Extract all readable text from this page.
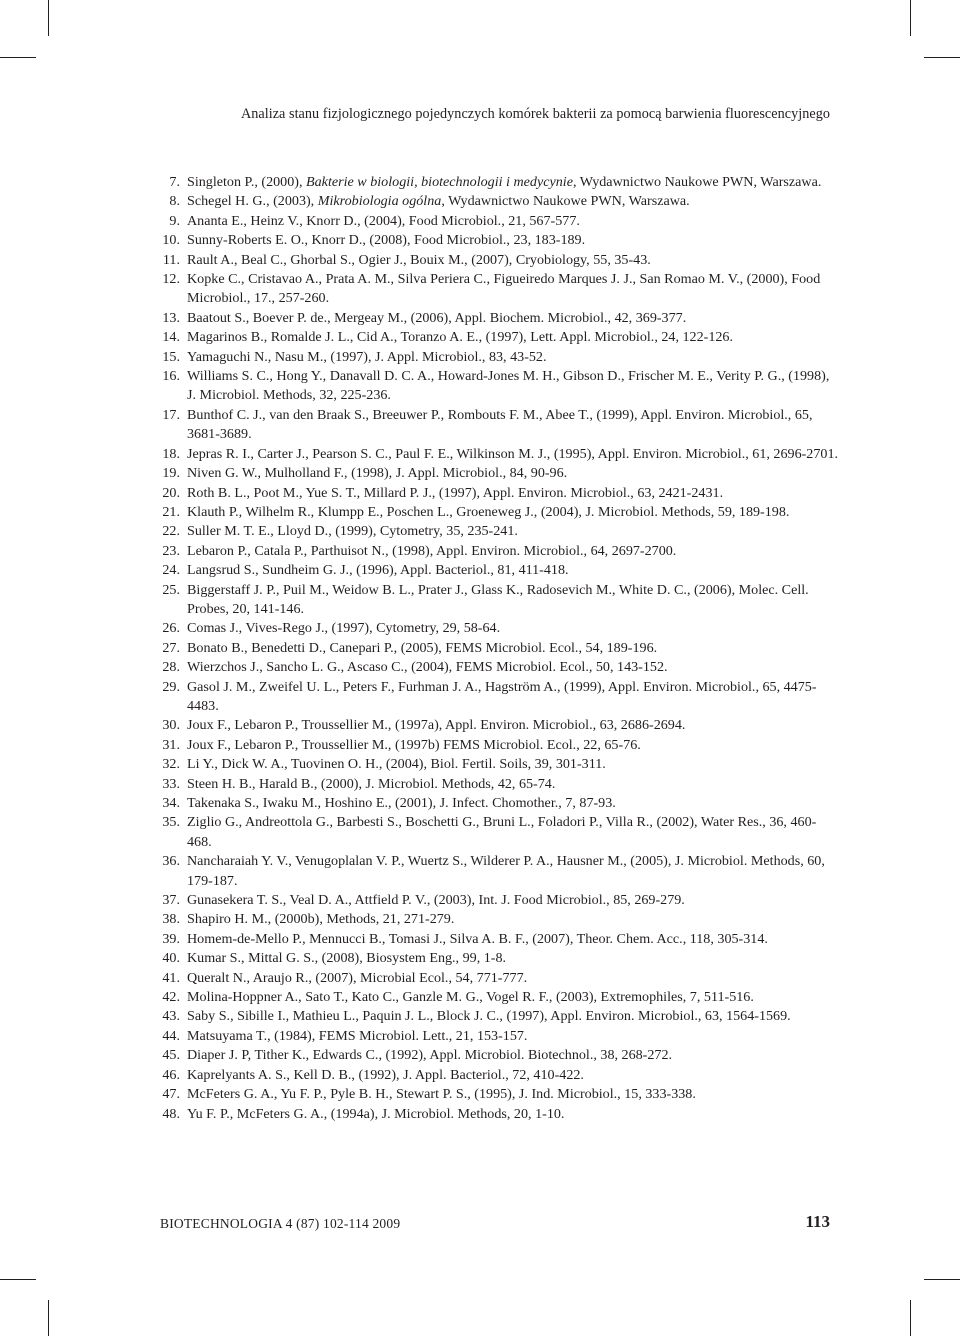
Analiza stanu fizjologicznego pojedynczych komórek bakterii za pomocą barwienia fluorescencyjnego
7. Singleton P., (2000), Bakterie w biologii, biotechnologii i medycynie, Wydawnictwo Naukowe PWN, Warszawa.
8. Schegel H. G., (2003), Mikrobiologia ogólna, Wydawnictwo Naukowe PWN, Warszawa.
9. Ananta E., Heinz V., Knorr D., (2004), Food Microbiol., 21, 567-577.
10. Sunny-Roberts E. O., Knorr D., (2008), Food Microbiol., 23, 183-189.
11. Rault A., Beal C., Ghorbal S., Ogier J., Bouix M., (2007), Cryobiology, 55, 35-43.
12. Kopke C., Cristavao A., Prata A. M., Silva Periera C., Figueiredo Marques J. J., San Romao M. V., (2000), Food Microbiol., 17., 257-260.
13. Baatout S., Boever P. de., Mergeay M., (2006), Appl. Biochem. Microbiol., 42, 369-377.
14. Magarinos B., Romalde J. L., Cid A., Toranzo A. E., (1997), Lett. Appl. Microbiol., 24, 122-126.
15. Yamaguchi N., Nasu M., (1997), J. Appl. Microbiol., 83, 43-52.
16. Williams S. C., Hong Y., Danavall D. C. A., Howard-Jones M. H., Gibson D., Frischer M. E., Verity P. G., (1998), J. Microbiol. Methods, 32, 225-236.
17. Bunthof C. J., van den Braak S., Breeuwer P., Rombouts F. M., Abee T., (1999), Appl. Environ. Microbiol., 65, 3681-3689.
18. Jepras R. I., Carter J., Pearson S. C., Paul F. E., Wilkinson M. J., (1995), Appl. Environ. Microbiol., 61, 2696-2701.
19. Niven G. W., Mulholland F., (1998), J. Appl. Microbiol., 84, 90-96.
20. Roth B. L., Poot M., Yue S. T., Millard P. J., (1997), Appl. Environ. Microbiol., 63, 2421-2431.
21. Klauth P., Wilhelm R., Klumpp E., Poschen L., Groeneweg J., (2004), J. Microbiol. Methods, 59, 189-198.
22. Suller M. T. E., Lloyd D., (1999), Cytometry, 35, 235-241.
23. Lebaron P., Catala P., Parthuisot N., (1998), Appl. Environ. Microbiol., 64, 2697-2700.
24. Langsrud S., Sundheim G. J., (1996), Appl. Bacteriol., 81, 411-418.
25. Biggerstaff J. P., Puil M., Weidow B. L., Prater J., Glass K., Radosevich M., White D. C., (2006), Molec. Cell. Probes, 20, 141-146.
26. Comas J., Vives-Rego J., (1997), Cytometry, 29, 58-64.
27. Bonato B., Benedetti D., Canepari P., (2005), FEMS Microbiol. Ecol., 54, 189-196.
28. Wierzchos J., Sancho L. G., Ascaso C., (2004), FEMS Microbiol. Ecol., 50, 143-152.
29. Gasol J. M., Zweifel U. L., Peters F., Furhman J. A., Hagström A., (1999), Appl. Environ. Microbiol., 65, 4475-4483.
30. Joux F., Lebaron P., Troussellier M., (1997a), Appl. Environ. Microbiol., 63, 2686-2694.
31. Joux F., Lebaron P., Troussellier M., (1997b) FEMS Microbiol. Ecol., 22, 65-76.
32. Li Y., Dick W. A., Tuovinen O. H., (2004), Biol. Fertil. Soils, 39, 301-311.
33. Steen H. B., Harald B., (2000), J. Microbiol. Methods, 42, 65-74.
34. Takenaka S., Iwaku M., Hoshino E., (2001), J. Infect. Chomother., 7, 87-93.
35. Ziglio G., Andreottola G., Barbesti S., Boschetti G., Bruni L., Foladori P., Villa R., (2002), Water Res., 36, 460-468.
36. Nancharaiah Y. V., Venugoplalan V. P., Wuertz S., Wilderer P. A., Hausner M., (2005), J. Microbiol. Methods, 60, 179-187.
37. Gunasekera T. S., Veal D. A., Attfield P. V., (2003), Int. J. Food Microbiol., 85, 269-279.
38. Shapiro H. M., (2000b), Methods, 21, 271-279.
39. Homem-de-Mello P., Mennucci B., Tomasi J., Silva A. B. F., (2007), Theor. Chem. Acc., 118, 305-314.
40. Kumar S., Mittal G. S., (2008), Biosystem Eng., 99, 1-8.
41. Queralt N., Araujo R., (2007), Microbial Ecol., 54, 771-777.
42. Molina-Hoppner A., Sato T., Kato C., Ganzle M. G., Vogel R. F., (2003), Extremophiles, 7, 511-516.
43. Saby S., Sibille I., Mathieu L., Paquin J. L., Block J. C., (1997), Appl. Environ. Microbiol., 63, 1564-1569.
44. Matsuyama T., (1984), FEMS Microbiol. Lett., 21, 153-157.
45. Diaper J. P, Tither K., Edwards C., (1992), Appl. Microbiol. Biotechnol., 38, 268-272.
46. Kaprelyants A. S., Kell D. B., (1992), J. Appl. Bacteriol., 72, 410-422.
47. McFeters G. A., Yu F. P., Pyle B. H., Stewart P. S., (1995), J. Ind. Microbiol., 15, 333-338.
48. Yu F. P., McFeters G. A., (1994a), J. Microbiol. Methods, 20, 1-10.
BIOTECHNOLOGIA 4 (87) 102-114 2009	113
